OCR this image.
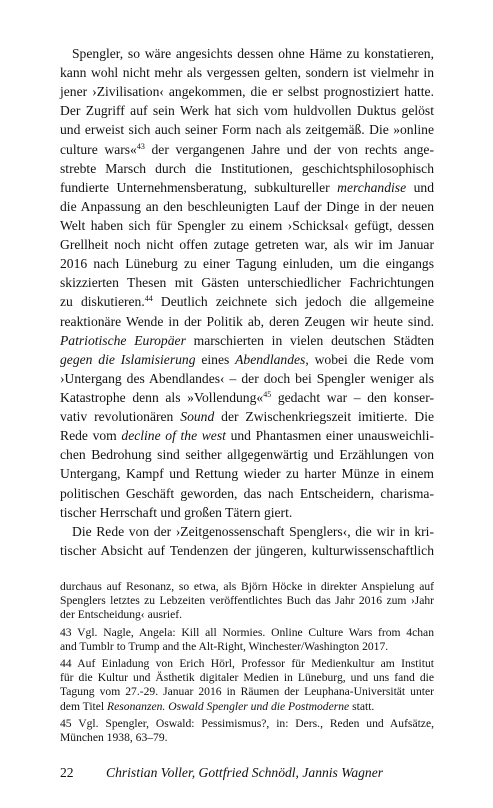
Spengler, so wäre angesichts dessen ohne Häme zu konstatieren,
kann wohl nicht mehr als vergessen gelten, sondern ist vielmehr in
jener ›Zivilisation‹ angekommen, die er selbst prognostiziert hatte.
Der Zugriff auf sein Werk hat sich vom huldvollen Duktus gelöst
und erweist sich auch seiner Form nach als zeitgemäß. Die »online
culture wars«$^{43}$ der vergangenen Jahre und der von rechts ange-
strebte Marsch durch die Institutionen, geschichtsphilosophisch
fundierte Unternehmensberatung, subkultureller merchandise und
die Anpassung an den beschleunigten Lauf der Dinge in der neuen
Welt haben sich für Spengler zu einem ›Schicksal‹ gefügt, dessen
Grellheit noch nicht offen zutage getreten war, als wir im Januar
2016 nach Lüneburg zu einer Tagung einluden, um die eingangs
skizzierten Thesen mit Gästen unterschiedlicher Fachrichtungen
zu diskutieren.$^{44}$ Deutlich zeichnete sich jedoch die allgemeine
reaktionäre Wende in der Politik ab, deren Zeugen wir heute sind.
Patriotische Europäer marschierten in vielen deutschen Städten
gegen die Islamisierung eines Abendlandes, wobei die Rede vom
›Untergang des Abendlandes‹ – der doch bei Spengler weniger als
Katastrophe denn als »Vollendung«$^{45}$ gedacht war – den konser-
vativ revolutionären Sound der Zwischenkriegszeit imitierte. Die
Rede vom decline of the west und Phantasmen einer unausweichli-
chen Bedrohung sind seither allgegenwärtig und Erzählungen von
Untergang, Kampf und Rettung wieder zu harter Münze in einem
politischen Geschäft geworden, das nach Entscheidern, charisma-
tischer Herrschaft und großen Tätern giert.
Die Rede von der ›Zeitgenossenschaft Spenglers‹, die wir in kri-
tischer Absicht auf Tendenzen der jüngeren, kulturwissenschaftlich
durchaus auf Resonanz, so etwa, als Björn Höcke in direkter Anspielung auf
Spenglers letztes zu Lebzeiten veröffentlichtes Buch das Jahr 2016 zum ›Jahr
der Entscheidung‹ ausrief.
43 Vgl. Nagle, Angela: Kill all Normies. Online Culture Wars from 4chan
and Tumblr to Trump and the Alt-Right, Winchester/Washington 2017.
44 Auf Einladung von Erich Hörl, Professor für Medienkultur am Institut
für die Kultur und Ästhetik digitaler Medien in Lüneburg, und uns fand die
Tagung vom 27.-29. Januar 2016 in Räumen der Leuphana-Universität unter
dem Titel Resonanzen. Oswald Spengler und die Postmoderne statt.
45 Vgl. Spengler, Oswald: Pessimismus?, in: Ders., Reden und Aufsätze,
München 1938, 63–79.
22 Christian Voller, Gottfried Schnödl, Jannis Wagner
